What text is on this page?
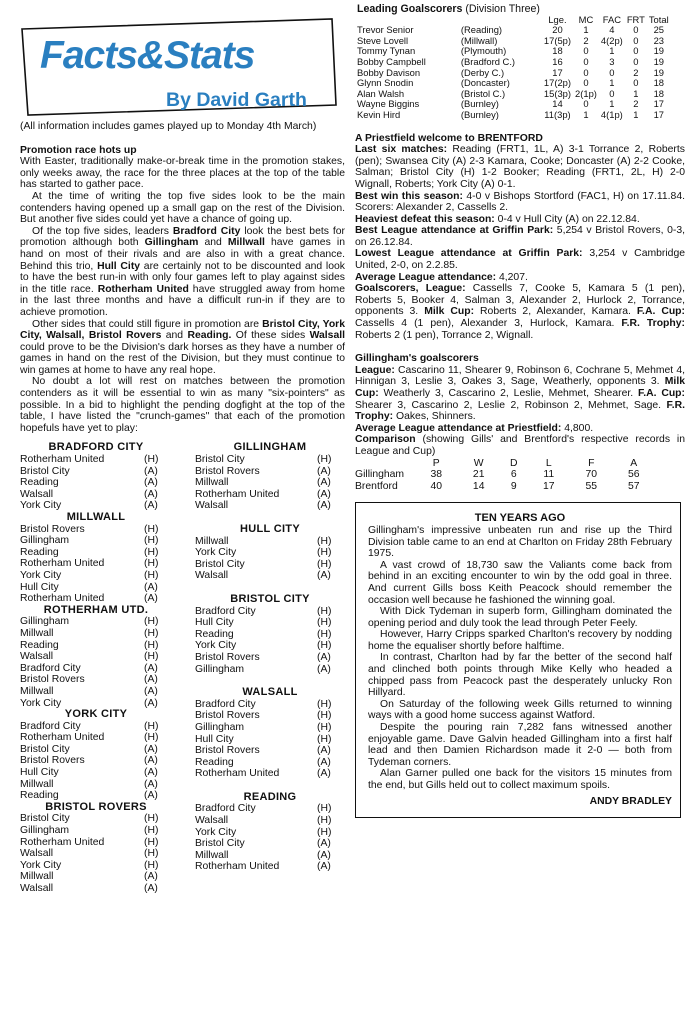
Facts&Stats
By David Garth
(All information includes games played up to Monday 4th March)
Promotion race hots up

With Easter, traditionally make-or-break time in the promotion stakes, only weeks away, the race for the three places at the top of the table has started to gather pace.

At the time of writing the top five sides look to be the main contenders having opened up a small gap on the rest of the Division. But another five sides could yet have a chance of going up.

Of the top five sides, leaders Bradford City look the best bets for promotion although both Gillingham and Millwall have games in hand on most of their rivals and are also in with a great chance. Behind this trio, Hull City are certainly not to be discounted and look to have the best run-in with only four games left to play against sides in the title race. Rotherham United have struggled away from home in the last three months and have a difficult run-in if they are to achieve promotion.

Other sides that could still figure in promotion are Bristol City, York City, Walsall, Bristol Rovers and Reading. Of these sides Walsall could prove to be the Division's dark horses as they have a number of games in hand on the rest of the Division, but they must continue to win games at home to have any real hope.

No doubt a lot will rest on matches between the promotion contenders as it will be essential to win as many "six-pointers" as possible. In a bid to highlight the pending dogfight at the top of the table, I have listed the "crunch-games" that each of the promotion hopefuls have yet to play:

BRADFORD CITY
Rotherham United	(H)
Bristol City	(A)
Reading	(A)
Walsall	(A)
York City	(A)
MILLWALL
Bristol Rovers	(H)
Gillingham	(H)
Reading	(H)
Rotherham United	(H)
York City	(H)
Hull City	(A)
Rotherham United	(A)
ROTHERHAM UTD.
Gillingham	(H)
Millwall	(H)
Reading	(H)
Walsall	(H)
Bradford City	(A)
Bristol Rovers	(A)
Millwall	(A)
York City	(A)
YORK CITY
Bradford City	(H)
Rotherham United	(H)
Bristol City	(A)
Bristol Rovers	(A)
Hull City	(A)
Millwall	(A)
Reading	(A)
BRISTOL ROVERS
Bristol City	(H)
Gillingham	(H)
Rotherham United	(H)
Walsall	(H)
York City	(H)
Millwall	(A)
Walsall	(A)
GILLINGHAM
Bristol City	(H)
Bristol Rovers	(A)
Millwall	(A)
Rotherham United	(A)
Walsall	(A)
HULL CITY
Millwall	(H)
York City	(H)
Bristol City	(H)
Walsall	(A)
BRISTOL CITY
Bradford City	(H)
Hull City	(H)
Reading	(H)
York City	(H)
Bristol Rovers	(A)
Gillingham	(A)
WALSALL
Bradford City	(H)
Bristol Rovers	(H)
Gillingham	(H)
Hull City	(H)
Bristol Rovers	(A)
Reading	(A)
Rotherham United	(A)
READING
Bradford City	(H)
Walsall	(H)
York City	(H)
Bristol City	(A)
Millwall	(A)
Rotherham United	(A)
Leading Goalscorers (Division Three)						
		Lge.	MC	FAC	FRT	Total
Trevor Senior	(Reading)	20	1	4	0	25
Steve Lovell	(Millwall)	17(5p)	2	4(2p)	0	23
Tommy Tynan	(Plymouth)	18	0	1	0	19
Bobby Campbell	(Bradford C.)	16	0	3	0	19
Bobby Davison	(Derby C.)	17	0	0	2	19
Glynn Snodin	(Doncaster)	17(2p)	0	1	0	18
Alan Walsh	(Bristol C.)	15(3p)	2(1p)	0	1	18
Wayne Biggins	(Burnley)	14	0	1	2	17
Kevin Hird	(Burnley)	11(3p)	1	4(1p)	1	17
A Priestfield welcome to BRENTFORD

Last six matches: Reading (FRT1, 1L, A) 3-1 Torrance 2, Roberts (pen); Swansea City (A) 2-3 Kamara, Cooke; Doncaster (A) 2-2 Cooke, Salman; Bristol City (H) 1-2 Booker; Reading (FRT1, 2L, H) 2-0 Wignall, Roberts; York City (A) 0-1.

Best win this season: 4-0 v Bishops Stortford (FAC1, H) on 17.11.84. Scorers: Alexander 2, Cassells 2.

Heaviest defeat this season: 0-4 v Hull City (A) on 22.12.84.

Best League attendance at Griffin Park: 5,254 v Bristol Rovers, 0-3, on 26.12.84.

Lowest League attendance at Griffin Park: 3,254 v Cambridge United, 2-0, on 2.2.85.

Average League attendance: 4,207.

Goalscorers, League: Cassells 7, Cooke 5, Kamara 5 (1 pen), Roberts 5, Booker 4, Salman 3, Alexander 2, Hurlock 2, Torrance, opponents 3. Milk Cup: Roberts 2, Alexander, Kamara. F.A. Cup: Cassells 4 (1 pen), Alexander 3, Hurlock, Kamara. F.R. Trophy: Roberts 2 (1 pen), Torrance 2, Wignall.

Gillingham's goalscorers

League: Cascarino 11, Shearer 9, Robinson 6, Cochrane 5, Mehmet 4, Hinnigan 3, Leslie 3, Oakes 3, Sage, Weatherly, opponents 3. Milk Cup: Weatherly 3, Cascarino 2, Leslie, Mehmet, Shearer. F.A. Cup: Shearer 3, Cascarino 2, Leslie 2, Robinson 2, Mehmet, Sage. F.R. Trophy: Oakes, Shinners.

Average League attendance at Priestfield: 4,800.

Comparison (showing Gills' and Brentford's respective records in League and Cup)

	P	W	D	L	F	A
Gillingham	38	21	6	11	70	56
Brentford	40	14	9	17	55	57
TEN YEARS AGO

Gillingham's impressive unbeaten run and rise up the Third Division table came to an end at Charlton on Friday 28th February 1975.

A vast crowd of 18,730 saw the Valiants come back from behind in an exciting encounter to win by the odd goal in three. And current Gills boss Keith Peacock should remember the occasion well because he fashioned the winning goal.

With Dick Tydeman in superb form, Gillingham dominated the opening period and duly took the lead through Peter Feely.

However, Harry Cripps sparked Charlton's recovery by nodding home the equaliser shortly before halftime.

In contrast, Charlton had by far the better of the second half and clinched both points through Mike Kelly who headed a chipped pass from Peacock past the desperately unlucky Ron Hillyard.

On Saturday of the following week Gills returned to winning ways with a good home success against Watford.

Despite the pouring rain 7,282 fans witnessed another enjoyable game. Dave Galvin headed Gillingham into a first half lead and then Damien Richardson made it 2-0 — both from Tydeman corners.

Alan Garner pulled one back for the visitors 15 minutes from the end, but Gills held out to collect maximum spoils.

ANDY BRADLEY
